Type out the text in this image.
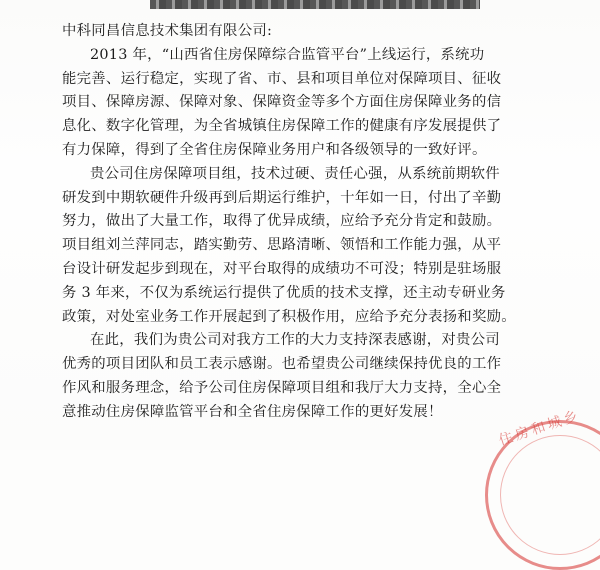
中科同昌信息技术集团有限公司:
2013 年，“山西省住房保障综合监管平台”上线运行，系统功
能完善、运行稳定，实现了省、市、县和项目单位对保障项目、征收
项目、保障房源、保障对象、保障资金等多个方面住房保障业务的信
息化、数字化管理，为全省城镇住房保障工作的健康有序发展提供了
有力保障，得到了全省住房保障业务用户和各级领导的一致好评。
贵公司住房保障项目组，技术过硬、责任心强，从系统前期软件
研发到中期软硬件升级再到后期运行维护，十年如一日，付出了辛勤
努力，做出了大量工作，取得了优异成绩，应给予充分肯定和鼓励。
项目组刘兰萍同志，踏实勤劳、思路清晰、领悟和工作能力强，从平
台设计研发起步到现在，对平台取得的成绩功不可没；特别是驻场服
务 3 年来，不仅为系统运行提供了优质的技术支撑，还主动专研业务
政策，对处室业务工作开展起到了积极作用，应给予充分表扬和奖励。
在此，我们为贵公司对我方工作的大力支持深表感谢，对贵公司
优秀的项目团队和员工表示感谢。也希望贵公司继续保持优良的工作
作风和服务理念，给予公司住房保障项目组和我厅大力支持，全心全
意推动住房保障监管平台和全省住房保障工作的更好发展！	住房和城乡
